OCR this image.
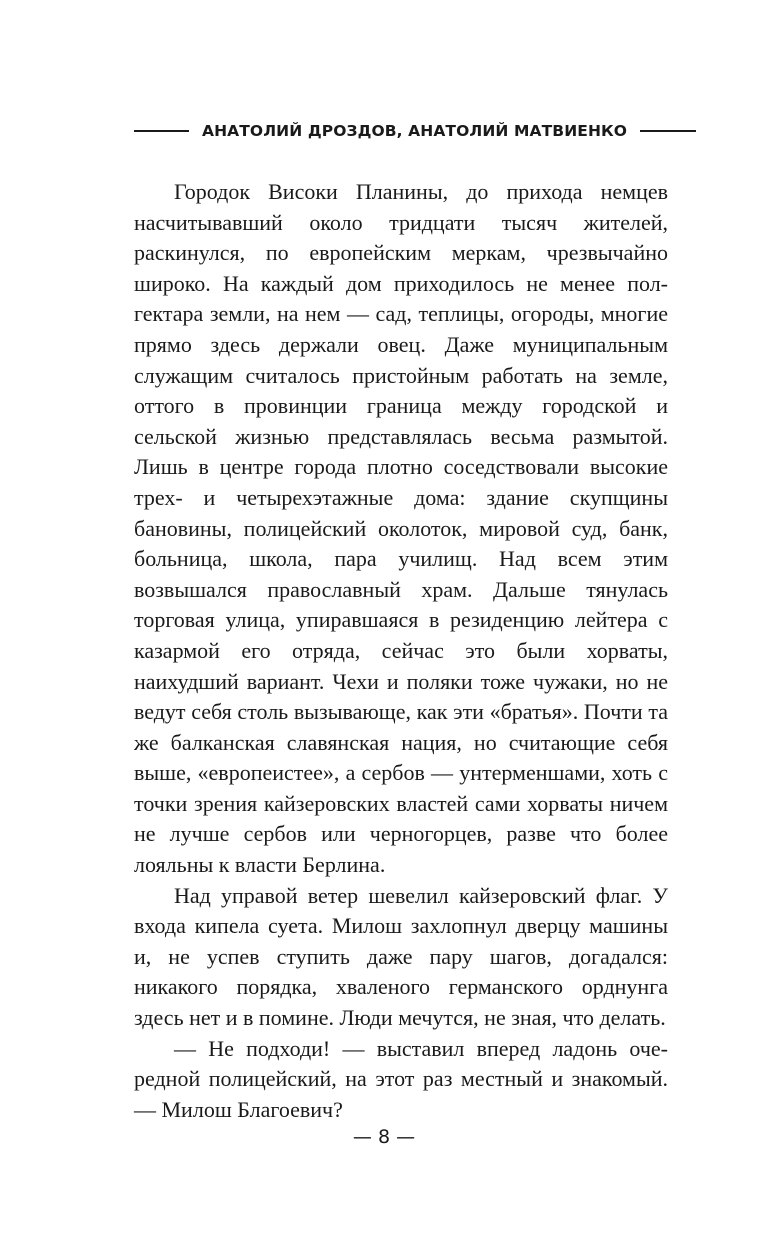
АНАТОЛИЙ ДРОЗДОВ, АНАТОЛИЙ МАТВИЕНКО

Городок Високи Планины, до прихода немцев насчитывавший около тридцати тысяч жителей, раскинулся, по европейским меркам, чрезвычайно широко. На каждый дом приходилось не менее полгектара земли, на нем — сад, теплицы, огороды, многие прямо здесь держали овец. Даже муниципальным служащим считалось пристойным работать на земле, оттого в провинции граница между городской и сельской жизнью представлялась весьма размытой. Лишь в центре города плотно соседствовали высокие трех- и четырехэтажные дома: здание скупщины бановины, полицейский околоток, мировой суд, банк, больница, школа, пара училищ. Над всем этим возвышался православный храм. Дальше тянулась торговая улица, упиравшаяся в резиденцию лейтера с казармой его отряда, сейчас это были хорваты, наихудший вариант. Чехи и поляки тоже чужаки, но не ведут себя столь вызывающе, как эти «братья». Почти та же балканская славянская нация, но считающие себя выше, «европеистее», а сербов — унтерменшами, хоть с точки зрения кайзеровских властей сами хорваты ничем не лучше сербов или черногорцев, разве что более лояльны к власти Берлина.

Над управой ветер шевелил кайзеровский флаг. У входа кипела суета. Милош захлопнул дверцу машины и, не успев ступить даже пару шагов, догадался: никакого порядка, хваленого германского орднунга здесь нет и в помине. Люди мечутся, не зная, что делать.

— Не подходи! — выставил вперед ладонь очередной полицейский, на этот раз местный и знакомый. — Милош Благоевич?

— 8 —
